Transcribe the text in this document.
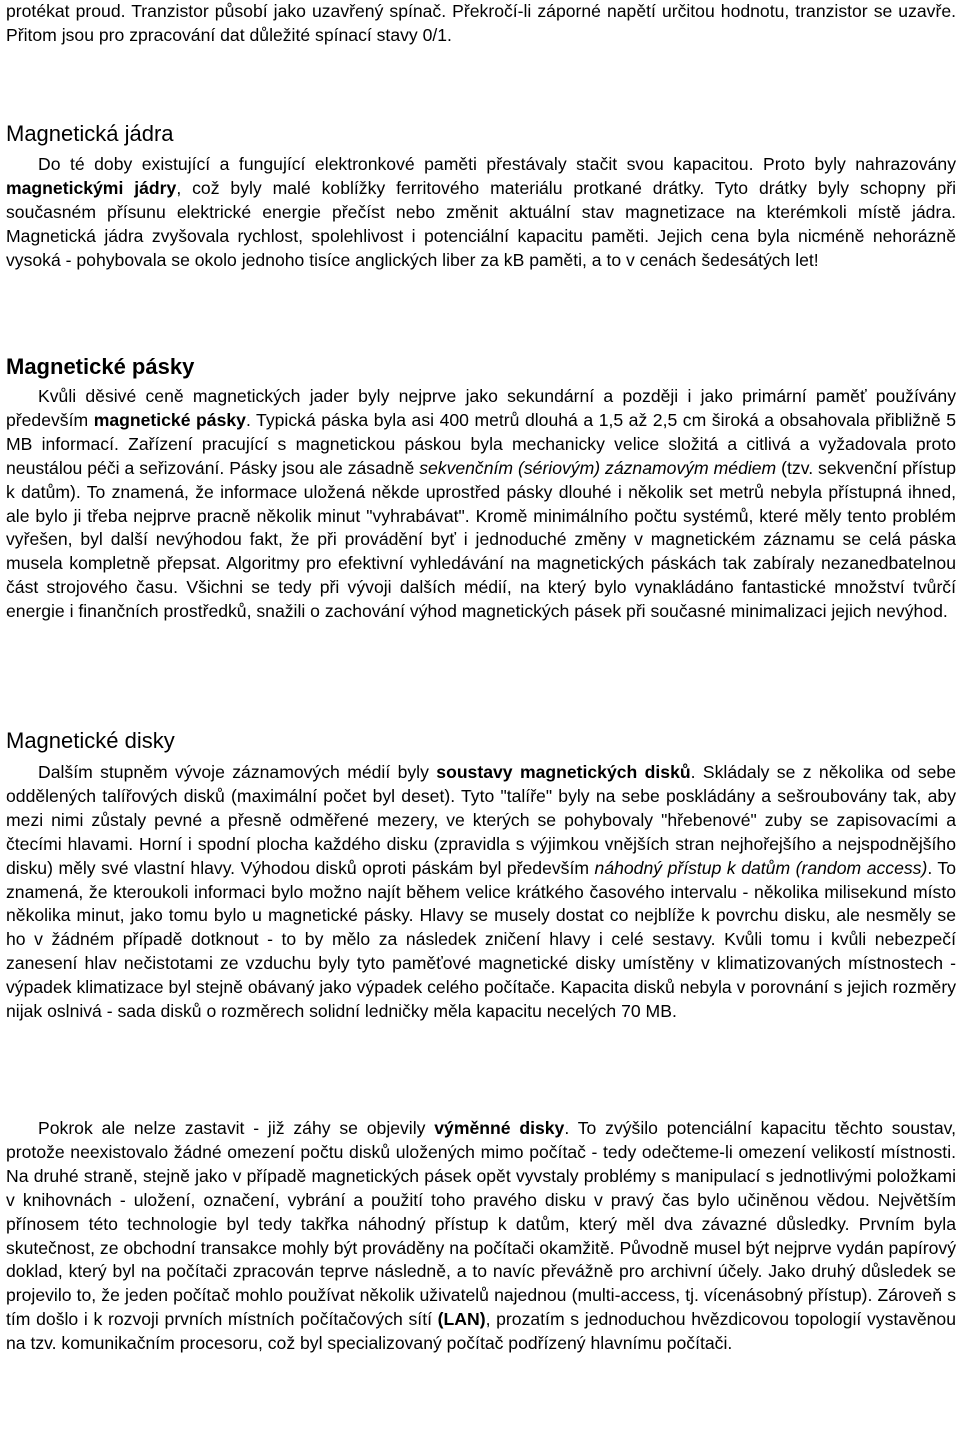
protékat proud. Tranzistor působí jako uzavřený spínač. Překročí-li záporné napětí určitou hodnotu, tranzistor se uzavře. Přitom jsou pro zpracování dat důležité spínací stavy 0/1.

Magnetická jádra

Do té doby existující a fungující elektronkové paměti přestávaly stačit svou kapacitou. Proto byly nahrazovány magnetickými jádry, což byly malé koblížky ferritového materiálu protkané drátky. Tyto drátky byly schopny při současném přísunu elektrické energie přečíst nebo změnit aktuální stav magnetizace na kterémkoli místě jádra. Magnetická jádra zvyšovala rychlost, spolehlivost i potenciální kapacitu paměti. Jejich cena byla nicméně nehorázně vysoká - pohybovala se okolo jednoho tisíce anglických liber za kB paměti, a to v cenách šedesátých let!

Magnetické pásky

Kvůli děsivé ceně magnetických jader byly nejprve jako sekundární a později i jako primární paměť používány především magnetické pásky. Typická páska byla asi 400 metrů dlouhá a 1,5 až 2,5 cm široká a obsahovala přibližně 5 MB informací. Zařízení pracující s magnetickou páskou byla mechanicky velice složitá a citlivá a vyžadovala proto neustálou péči a seřizování. Pásky jsou ale zásadně sekvenčním (sériovým) záznamovým médiem (tzv. sekvenční přístup k datům). To znamená, že informace uložená někde uprostřed pásky dlouhé i několik set metrů nebyla přístupná ihned, ale bylo ji třeba nejprve pracně několik minut "vyhrabávat". Kromě minimálního počtu systémů, které měly tento problém vyřešen, byl další nevýhodou fakt, že při provádění byť i jednoduché změny v magnetickém záznamu se celá páska musela kompletně přepsat. Algoritmy pro efektivní vyhledávání na magnetických páskách tak zabíraly nezanedbatelnou část strojového času. Všichni se tedy při vývoji dalších médií, na který bylo vynakládáno fantastické množství tvůrčí energie i finančních prostředků, snažili o zachování výhod magnetických pásek při současné minimalizaci jejich nevýhod.

Magnetické disky

Dalším stupněm vývoje záznamových médií byly soustavy magnetických disků. Skládaly se z několika od sebe oddělených talířových disků (maximální počet byl deset). Tyto "talíře" byly na sebe poskládány a sešroubovány tak, aby mezi nimi zůstaly pevné a přesně odměřené mezery, ve kterých se pohybovaly "hřebenové" zuby se zapisovacími a čtecími hlavami. Horní i spodní plocha každého disku (zpravidla s výjimkou vnějších stran nejhořejšího a nejspodnějšího disku) měly své vlastní hlavy. Výhodou disků oproti páskám byl především náhodný přístup k datům (random access). To znamená, že kteroukoli informaci bylo možno najít během velice krátkého časového intervalu - několika milisekund místo několika minut, jako tomu bylo u magnetické pásky. Hlavy se musely dostat co nejblíže k povrchu disku, ale nesměly se ho v žádném případě dotknout - to by mělo za následek zničení hlavy i celé sestavy. Kvůli tomu i kvůli nebezpečí zanesení hlav nečistotami ze vzduchu byly tyto paměťové magnetické disky umístěny v klimatizovaných místnostech - výpadek klimatizace byl stejně obávaný jako výpadek celého počítače. Kapacita disků nebyla v porovnání s jejich rozměry nijak oslnivá - sada disků o rozměrech solidní ledničky měla kapacitu necelých 70 MB.

Pokrok ale nelze zastavit - již záhy se objevily výměnné disky. To zvýšilo potenciální kapacitu těchto soustav, protože neexistovalo žádné omezení počtu disků uložených mimo počítač - tedy odečteme-li omezení velikostí místnosti. Na druhé straně, stejně jako v případě magnetických pásek opět vyvstaly problémy s manipulací s jednotlivými položkami v knihovnách - uložení, označení, vybrání a použití toho pravého disku v pravý čas bylo učiněnou vědou. Největším přínosem této technologie byl tedy takřka náhodný přístup k datům, který měl dva závazné důsledky. Prvním byla skutečnost, ze obchodní transakce mohly být prováděny na počítači okamžitě. Původně musel být nejprve vydán papírový doklad, který byl na počítači zpracován teprve následně, a to navíc převážně pro archivní účely. Jako druhý důsledek se projevilo to, že jeden počítač mohlo používat několik uživatelů najednou (multi-access, tj. vícenásobný přístup). Zároveň s tím došlo i k rozvoji prvních místních počítačových sítí (LAN), prozatím s jednoduchou hvězdicovou topologií vystavěnou na tzv. komunikačním procesoru, což byl specializovaný počítač podřízený hlavnímu počítači.
